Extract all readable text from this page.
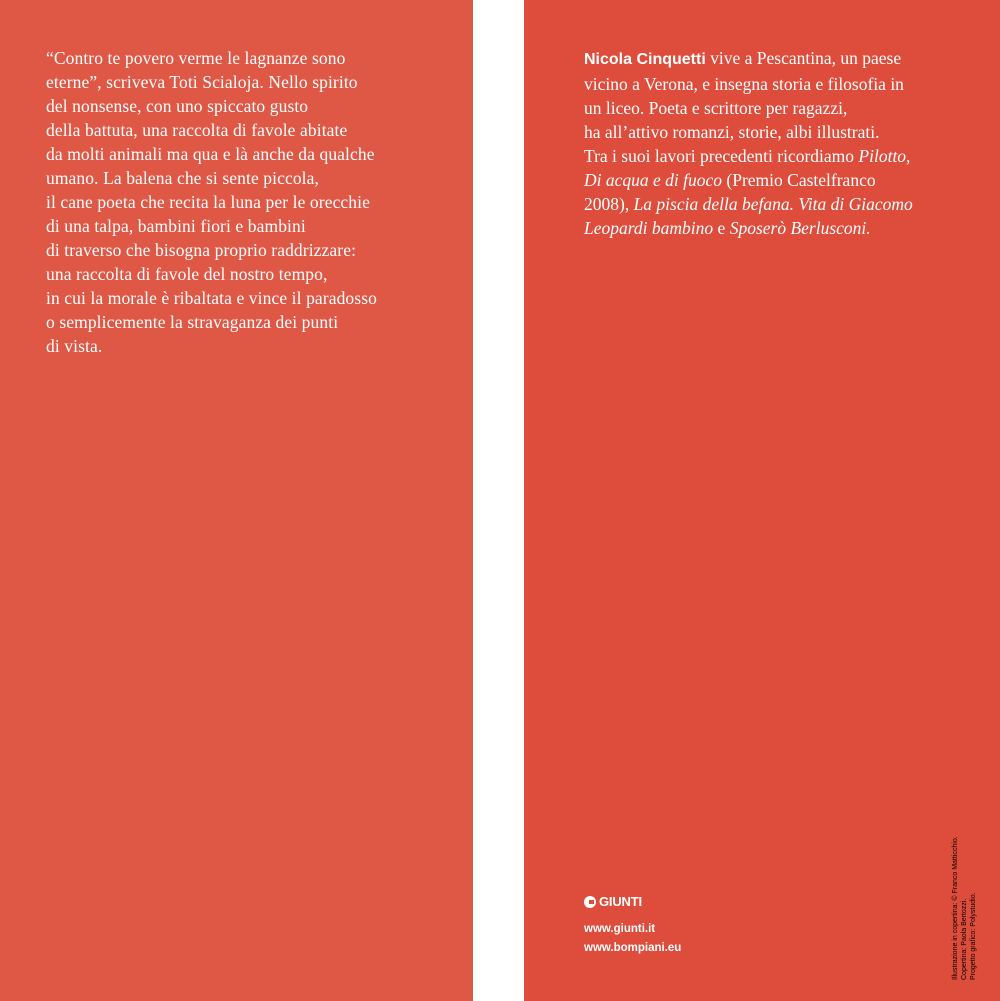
“Contro te povero verme le lagnanze sono
eterne”, scriveva Toti Scialoja. Nello spirito
del nonsense, con uno spiccato gusto
della battuta, una raccolta di favole abitate
da molti animali ma qua e là anche da qualche
umano. La balena che si sente piccola,
il cane poeta che recita la luna per le orecchie
di una talpa, bambini fiori e bambini
di traverso che bisogna proprio raddrizzare:
una raccolta di favole del nostro tempo,
in cui la morale è ribaltata e vince il paradosso
o semplicemente la stravaganza dei punti
di vista.

Nicola Cinquetti vive a Pescantina, un paese
vicino a Verona, e insegna storia e filosofia in
un liceo. Poeta e scrittore per ragazzi,
ha all’attivo romanzi, storie, albi illustrati.
Tra i suoi lavori precedenti ricordiamo Pilotto,
Di acqua e di fuoco (Premio Castelfranco
2008), La piscia della befana. Vita di Giacomo
Leopardi bambino e Sposerò Berlusconi.

GIUNTI
www.giunti.it
www.bompiani.eu	Illustrazione in copertina: © Franco Matticchio. Copertina: Paola Bertozzi. Progetto grafico: Polystudio.
